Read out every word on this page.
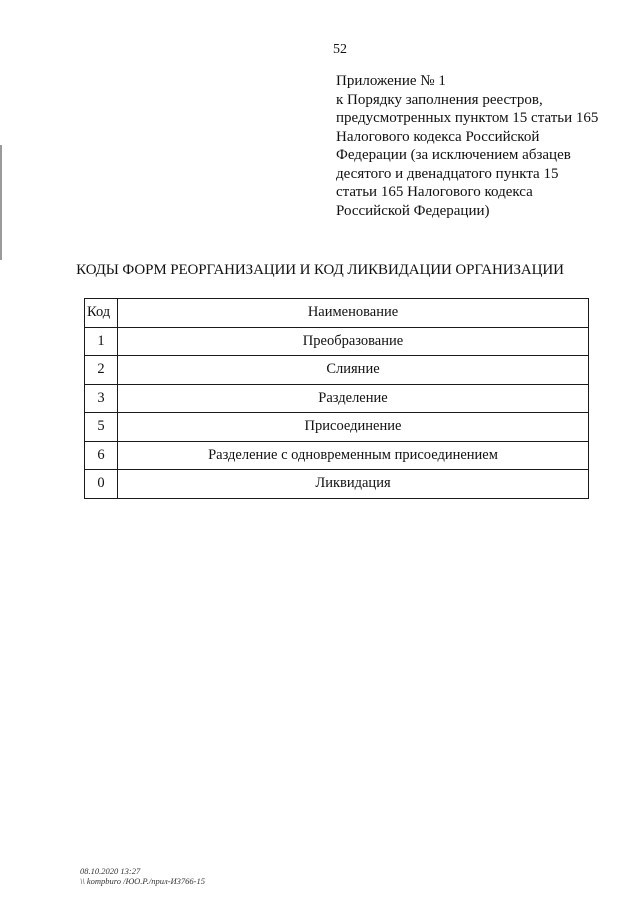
52
Приложение № 1
к Порядку заполнения реестров,
предусмотренных пунктом 15 статьи 165
Налогового кодекса Российской
Федерации (за исключением абзацев
десятого и двенадцатого пункта 15
статьи 165 Налогового кодекса
Российской Федерации)
КОДЫ ФОРМ РЕОРГАНИЗАЦИИ И КОД ЛИКВИДАЦИИ ОРГАНИЗАЦИИ
Код	Наименование
1	Преобразование
2	Слияние
3	Разделение
5	Присоединение
6	Разделение с одновременным присоединением
0	Ликвидация
08.10.2020 13:27
\\ kompburo /ЮО.Р./прил-И3766-15
